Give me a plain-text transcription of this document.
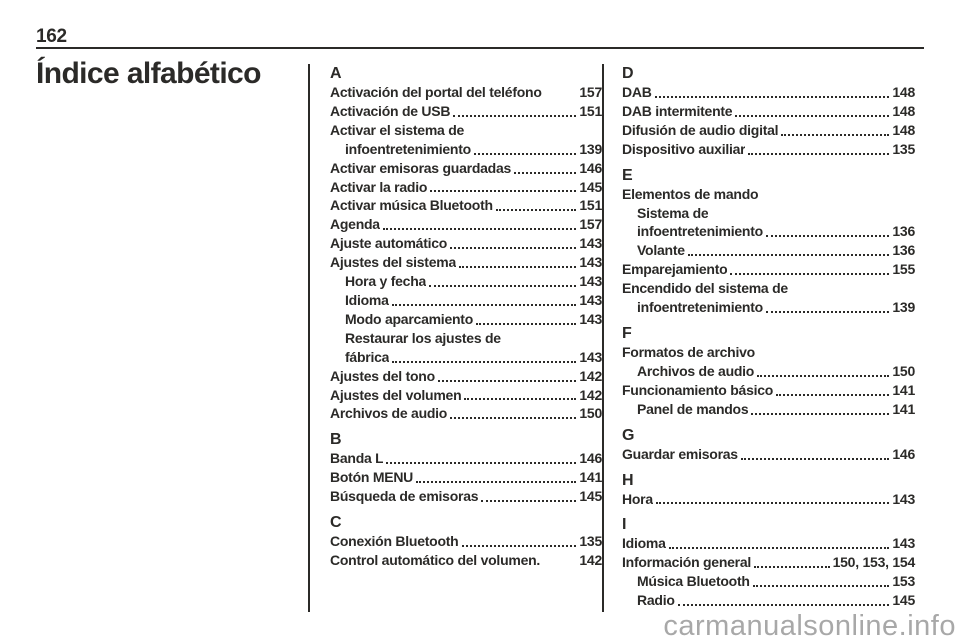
162
Índice alfabético	A
Activación del portal del teléfono	157
Activación de USB	151
Activar el sistema de
infoentretenimiento	139
Activar emisoras guardadas	146
Activar la radio	145
Activar música Bluetooth	151
Agenda	157
Ajuste automático	143
Ajustes del sistema	143
Hora y fecha	143
Idioma	143
Modo aparcamiento	143
Restaurar los ajustes de
fábrica	143
Ajustes del tono	142
Ajustes del volumen	142
Archivos de audio	150
B
Banda L	146
Botón MENU	141
Búsqueda de emisoras	145
C
Conexión Bluetooth	135
Control automático del volumen.	142
D
DAB	148
DAB intermitente	148
Difusión de audio digital	148
Dispositivo auxiliar	135
E
Elementos de mando
Sistema de
infoentretenimiento	136
Volante	136
Emparejamiento	155
Encendido del sistema de
infoentretenimiento	139
F
Formatos de archivo
Archivos de audio	150
Funcionamiento básico	141
Panel de mandos	141
G
Guardar emisoras	146
H
Hora	143
I
Idioma	143
Información general	150, 153, 154
Música Bluetooth	153
Radio	145
carmanualsonline.info
